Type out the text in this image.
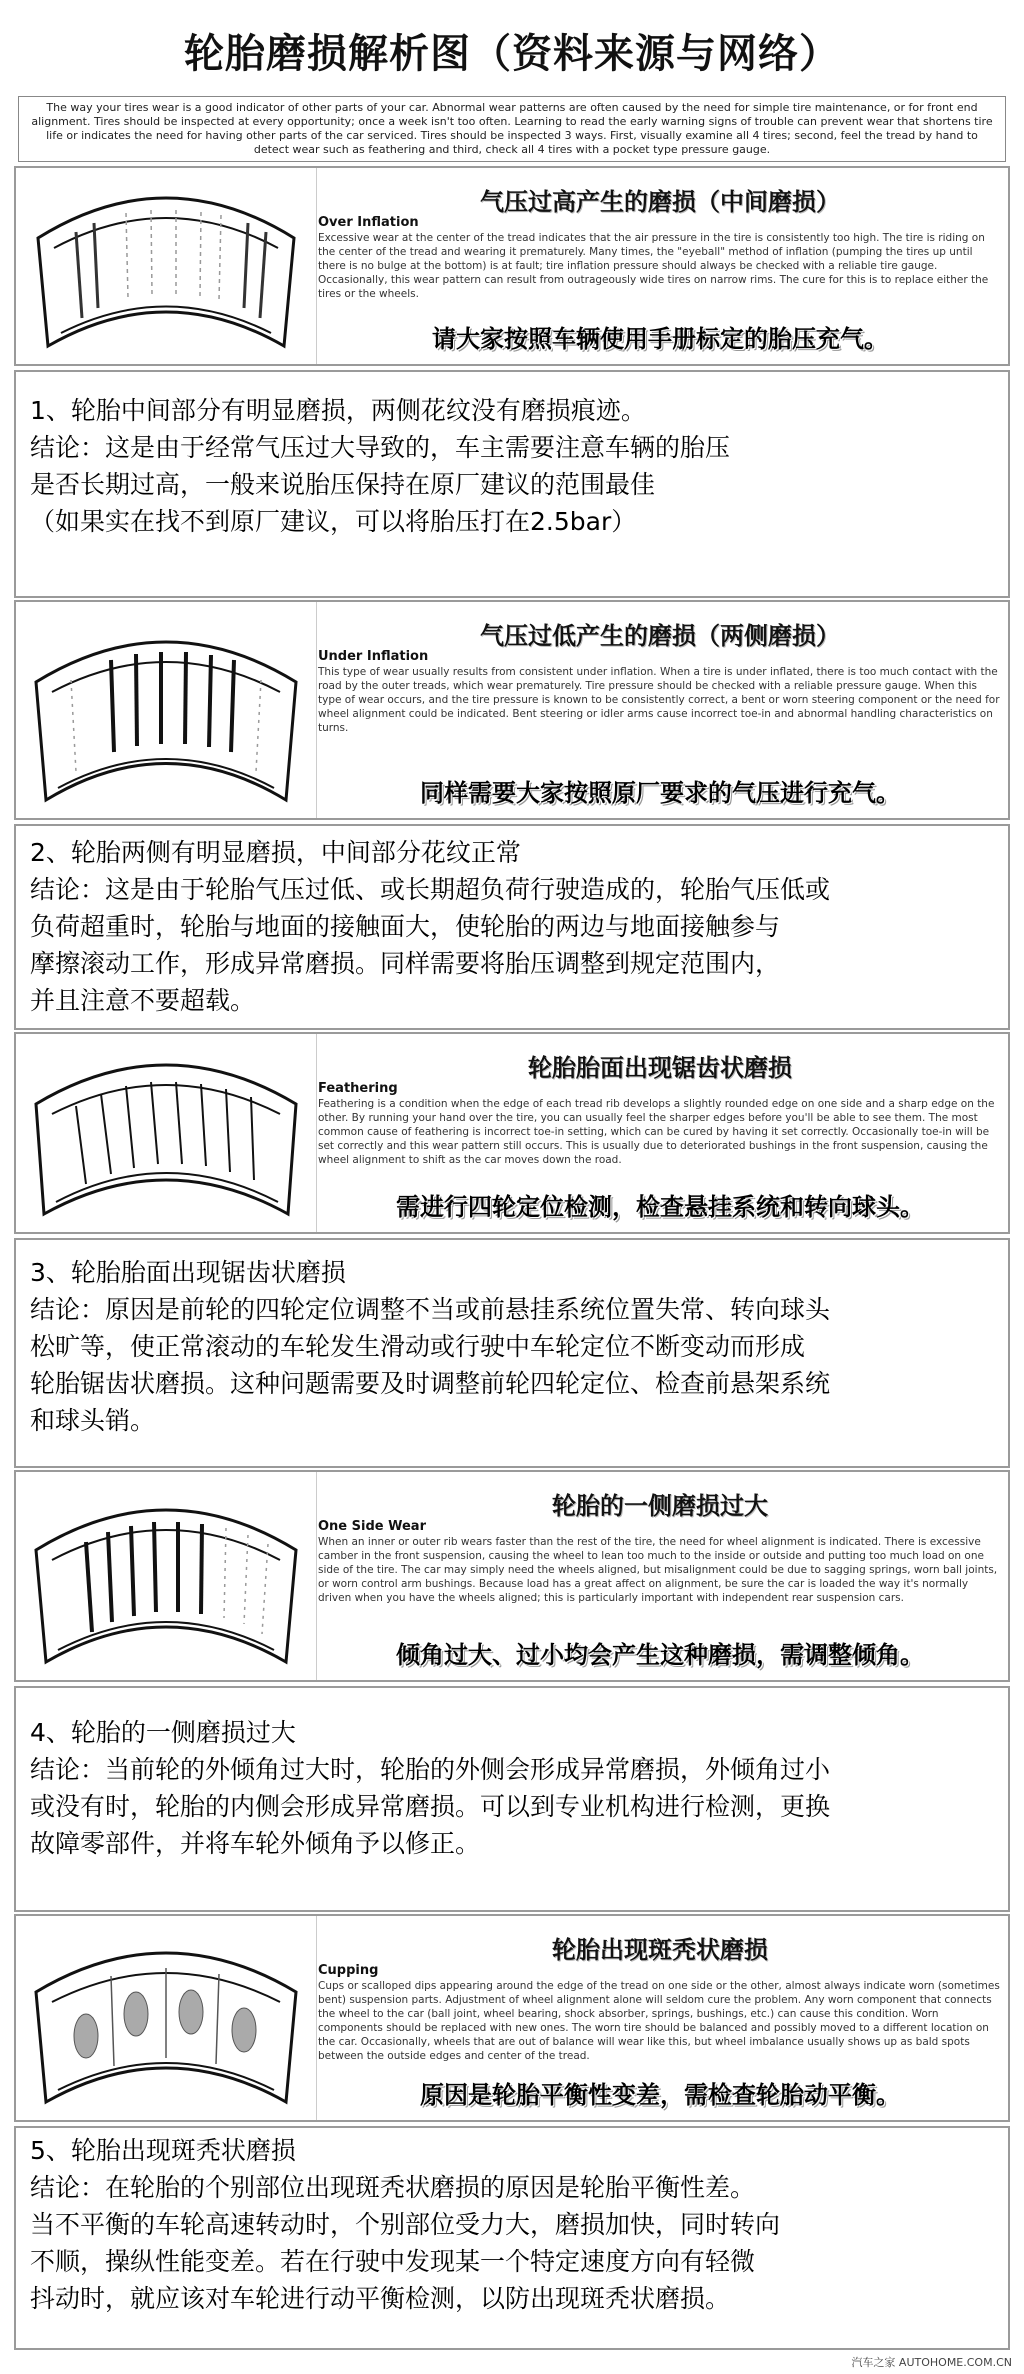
轮胎磨损解析图（资料来源与网络）
The way your tires wear is a good indicator of other parts of your car. Abnormal wear patterns are often caused by the need for simple tire maintenance, or for front end alignment. Tires should be inspected at every opportunity; once a week isn't too often. Learning to read the early warning signs of trouble can prevent wear that shortens tire life or indicates the need for having other parts of the car serviced. Tires should be inspected 3 ways. First, visually examine all 4 tires; second, feel the tread by hand to detect wear such as feathering and third, check all 4 tires with a pocket type pressure gauge.
气压过高产生的磨损（中间磨损）
Over Inflation
Excessive wear at the center of the tread indicates that the air pressure in the tire is consistently too high. The tire is riding on the center of the tread and wearing it prematurely. Many times, the "eyeball" method of inflation (pumping the tires up until there is no bulge at the bottom) is at fault; tire inflation pressure should always be checked with a reliable tire gauge. Occasionally, this wear pattern can result from outrageously wide tires on narrow rims. The cure for this is to replace either the tires or the wheels.
请大家按照车辆使用手册标定的胎压充气。

1、轮胎中间部分有明显磨损，两侧花纹没有磨损痕迹。

结论：这是由于经常气压过大导致的，车主需要注意车辆的胎压

是否长期过高，一般来说胎压保持在原厂建议的范围最佳

（如果实在找不到原厂建议，可以将胎压打在2.5bar）

气压过低产生的磨损（两侧磨损）
Under Inflation
This type of wear usually results from consistent under inflation. When a tire is under inflated, there is too much contact with the road by the outer treads, which wear prematurely. Tire pressure should be checked with a reliable pressure gauge. When this type of wear occurs, and the tire pressure is known to be consistently correct, a bent or worn steering component or the need for wheel alignment could be indicated. Bent steering or idler arms cause incorrect toe-in and abnormal handling characteristics on turns.
同样需要大家按照原厂要求的气压进行充气。

2、轮胎两侧有明显磨损，中间部分花纹正常

结论：这是由于轮胎气压过低、或长期超负荷行驶造成的，轮胎气压低或

负荷超重时，轮胎与地面的接触面大，使轮胎的两边与地面接触参与

摩擦滚动工作，形成异常磨损。同样需要将胎压调整到规定范围内，

并且注意不要超载。

轮胎胎面出现锯齿状磨损
Feathering
Feathering is a condition when the edge of each tread rib develops a slightly rounded edge on one side and a sharp edge on the other. By running your hand over the tire, you can usually feel the sharper edges before you'll be able to see them. The most common cause of feathering is incorrect toe-in setting, which can be cured by having it set correctly. Occasionally toe-in will be set correctly and this wear pattern still occurs. This is usually due to deteriorated bushings in the front suspension, causing the wheel alignment to shift as the car moves down the road.
需进行四轮定位检测，检查悬挂系统和转向球头。

3、轮胎胎面出现锯齿状磨损

结论：原因是前轮的四轮定位调整不当或前悬挂系统位置失常、转向球头

松旷等，使正常滚动的车轮发生滑动或行驶中车轮定位不断变动而形成

轮胎锯齿状磨损。这种问题需要及时调整前轮四轮定位、检查前悬架系统

和球头销。

轮胎的一侧磨损过大
One Side Wear
When an inner or outer rib wears faster than the rest of the tire, the need for wheel alignment is indicated. There is excessive camber in the front suspension, causing the wheel to lean too much to the inside or outside and putting too much load on one side of the tire. The car may simply need the wheels aligned, but misalignment could be due to sagging springs, worn ball joints, or worn control arm bushings. Because load has a great affect on alignment, be sure the car is loaded the way it's normally driven when you have the wheels aligned; this is particularly important with independent rear suspension cars.
倾角过大、过小均会产生这种磨损，需调整倾角。

4、轮胎的一侧磨损过大

结论：当前轮的外倾角过大时，轮胎的外侧会形成异常磨损，外倾角过小

或没有时，轮胎的内侧会形成异常磨损。可以到专业机构进行检测，更换

故障零部件，并将车轮外倾角予以修正。

轮胎出现斑秃状磨损
Cupping
Cups or scalloped dips appearing around the edge of the tread on one side or the other, almost always indicate worn (sometimes bent) suspension parts. Adjustment of wheel alignment alone will seldom cure the problem. Any worn component that connects the wheel to the car (ball joint, wheel bearing, shock absorber, springs, bushings, etc.) can cause this condition. Worn components should be replaced with new ones. The worn tire should be balanced and possibly moved to a different location on the car. Occasionally, wheels that are out of balance will wear like this, but wheel imbalance usually shows up as bald spots between the outside edges and center of the tread.
原因是轮胎平衡性变差，需检查轮胎动平衡。

5、轮胎出现斑秃状磨损

结论：在轮胎的个别部位出现斑秃状磨损的原因是轮胎平衡性差。

当不平衡的车轮高速转动时，个别部位受力大，磨损加快，同时转向

不顺，操纵性能变差。若在行驶中发现某一个特定速度方向有轻微

抖动时，就应该对车轮进行动平衡检测，以防出现斑秃状磨损。

汽车之家 AUTOHOME.COM.CN
